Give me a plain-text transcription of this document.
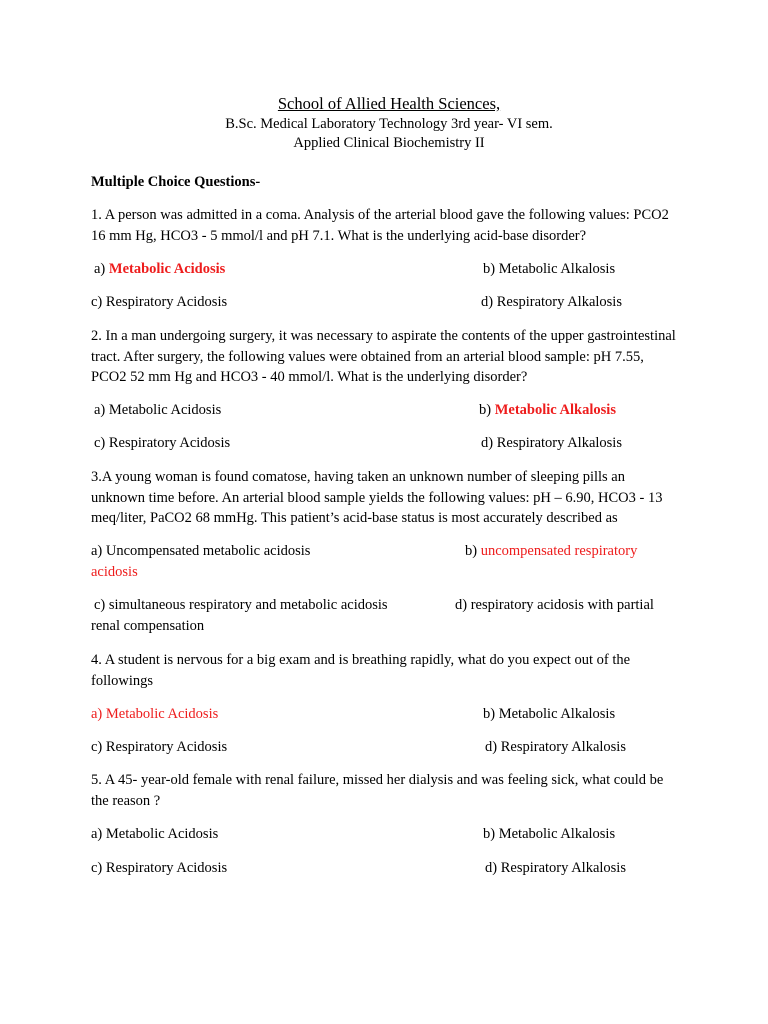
School of Allied Health Sciences,
B.Sc. Medical Laboratory Technology 3rd year- VI sem.
Applied Clinical Biochemistry II
Multiple Choice Questions-
1. A person was admitted in a coma. Analysis of the arterial blood gave the following values: PCO2 16 mm Hg, HCO3 - 5 mmol/l and pH 7.1. What is the underlying acid-base disorder?
a) Metabolic Acidosis	b) Metabolic Alkalosis
c) Respiratory Acidosis	d) Respiratory Alkalosis
2. In a man undergoing surgery, it was necessary to aspirate the contents of the upper gastrointestinal tract. After surgery, the following values were obtained from an arterial blood sample: pH 7.55, PCO2 52 mm Hg and HCO3 - 40 mmol/l. What is the underlying disorder?
a) Metabolic Acidosis	b) Metabolic Alkalosis
c) Respiratory Acidosis	d) Respiratory Alkalosis
3.A young woman is found comatose, having taken an unknown number of sleeping pills an unknown time before. An arterial blood sample yields the following values: pH – 6.90, HCO3 - 13 meq/liter, PaCO2 68 mmHg. This patient’s acid-base status is most accurately described as
a) Uncompensated metabolic acidosis	b) uncompensated respiratory
acidosis
c) simultaneous respiratory and metabolic acidosis	d) respiratory acidosis with partial
renal compensation
4. A student is nervous for a big exam and is breathing rapidly, what do you expect out of the followings
a) Metabolic Acidosis	b) Metabolic Alkalosis
c) Respiratory Acidosis	d) Respiratory Alkalosis
5. A 45- year-old female with renal failure, missed her dialysis and was feeling sick, what could be the reason ?
a) Metabolic Acidosis	b) Metabolic Alkalosis
c) Respiratory Acidosis	d) Respiratory Alkalosis
